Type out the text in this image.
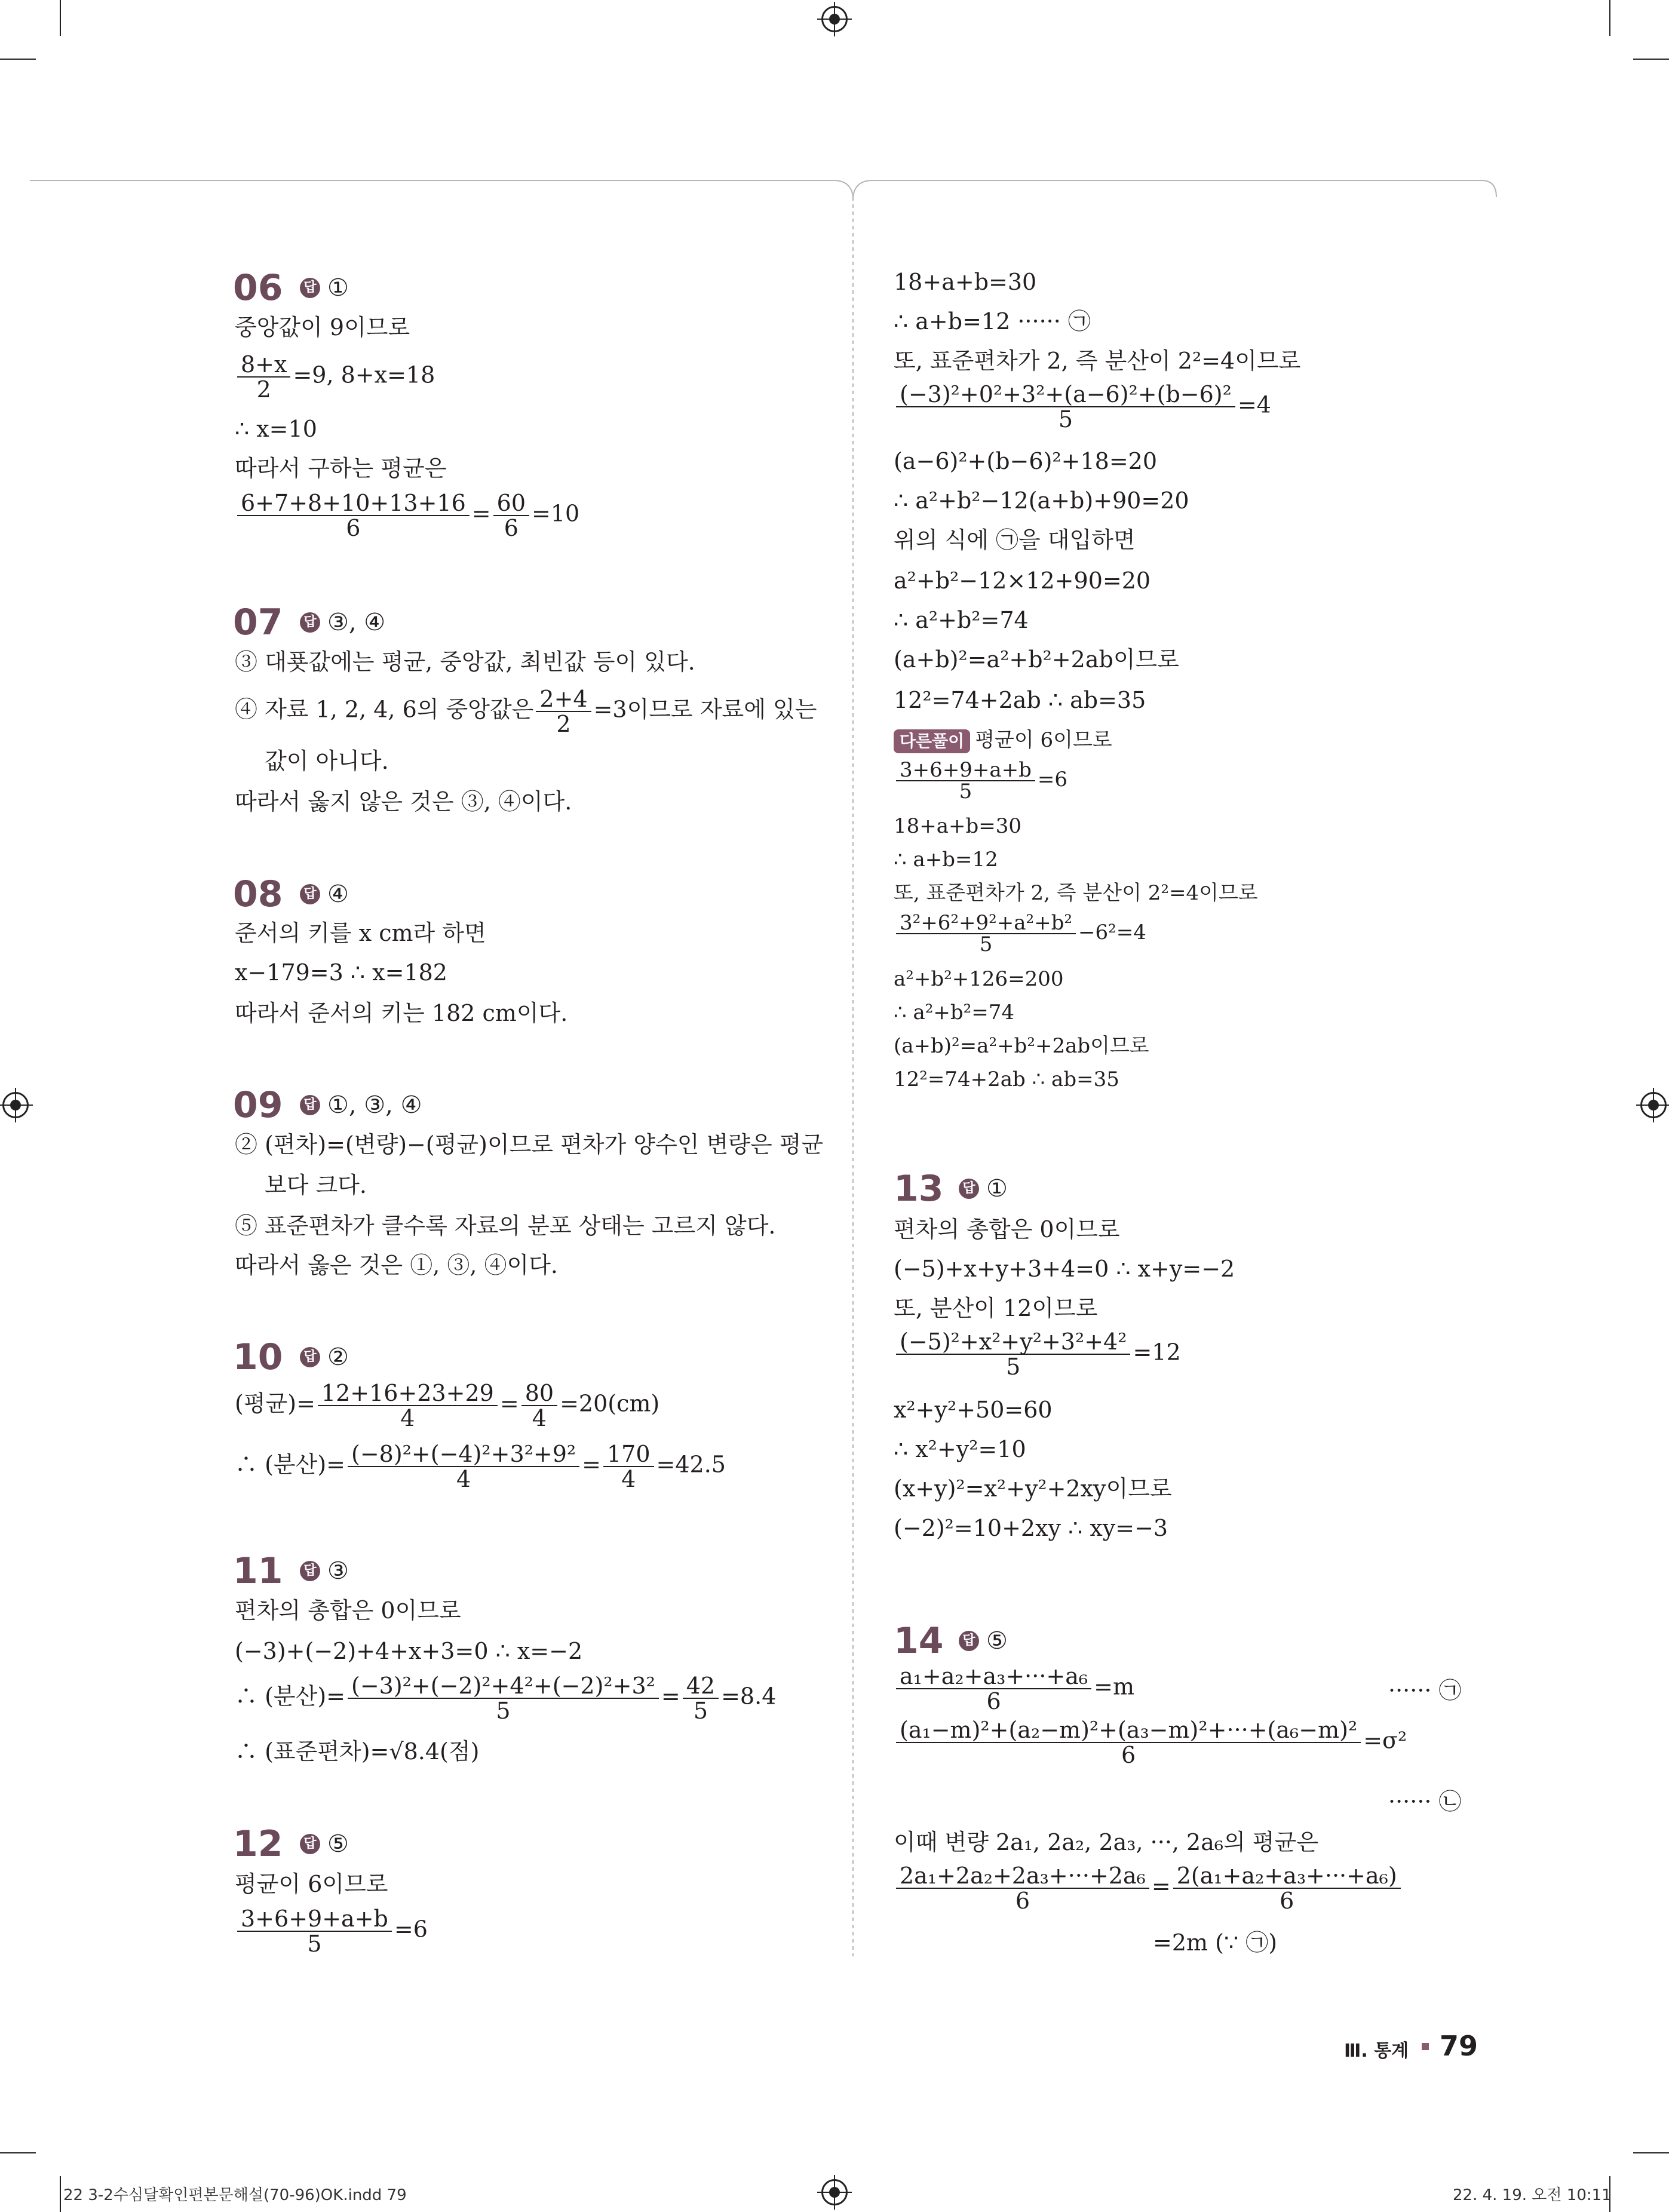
06 답 ①
중앙값이 9이므로
$\frac{8+x}{2} =9$, 8+x=18
∴ x=10
따라서 구하는 평균은
$\frac{6+7+8+10+13+16}{6} = \frac{60}{6} =10$
07 답 ③, ④
③ 대푯값에는 평균, 중앙값, 최빈값 등이 있다.
④ 자료 1, 2, 4, 6의 중앙값은 $\frac{2+4}{2} =3$이므로 자료에 있는
값이 아니다.
따라서 옳지 않은 것은 ③, ④이다.
08 답 ④
준서의 키를 x cm라 하면
x−179=3 ∴ x=182
따라서 준서의 키는 182 cm이다.
09 답 ①, ③, ④
② (편차)=(변량)−(평균)이므로 편차가 양수인 변량은 평균
보다 크다.
⑤ 표준편차가 클수록 자료의 분포 상태는 고르지 않다.
따라서 옳은 것은 ①, ③, ④이다.
10 답 ②
(평균)= $\frac{12+16+23+29}{4} = \frac{80}{4} =20(cm)$
∴ (분산)= $\frac{\text{(−8)²+(−4)²+3²+9²}}{4} = \frac{170}{4} =42.5$
11 답 ③
편차의 총합은 0이므로
(−3)+(−2)+4+x+3=0 ∴ x=−2
∴ (분산)= $\frac{\text{(−3)²+(−2)²+4²+(−2)²+3²}}{5} = \frac{42}{5} =8.4$
∴ (표준편차)=√8.4(점)
12 답 ⑤
평균이 6이므로
$\frac{3+6+9+a+b}{5} =6$
18+a+b=30
∴ a+b=12 ······ ㉠
또, 표준편차가 2, 즉 분산이 2²=4이므로
$\frac{\text{(−3)²+0²+3²+(a−6)²+(b−6)²}}{5} =4$
(a−6)²+(b−6)²+18=20
∴ a²+b²−12(a+b)+90=20
위의 식에 ㉠을 대입하면
a²+b²−12×12+90=20
∴ a²+b²=74
(a+b)²=a²+b²+2ab이므로
12²=74+2ab ∴ ab=35
다른풀이 평균이 6이므로
$\frac{3+6+9+a+b}{5} =6$
18+a+b=30
∴ a+b=12
또, 표준편차가 2, 즉 분산이 2²=4이므로
$\frac{\text{3²+6²+9²+a²+b²}}{5} -6^2=4$
a²+b²+126=200
∴ a²+b²=74
(a+b)²=a²+b²+2ab이므로
12²=74+2ab ∴ ab=35
13 답 ①
편차의 총합은 0이므로
(−5)+x+y+3+4=0 ∴ x+y=−2
또, 분산이 12이므로
$\frac{\text{(−5)²+x²+y²+3²+4²}}{5} =12$
x²+y²+50=60
∴ x²+y²=10
(x+y)²=x²+y²+2xy이므로
(−2)²=10+2xy ∴ xy=−3
14 답 ⑤
$\frac{\text{a₁+a₂+a₃+···+a₆}}{6} =m$	······ ㉠
$\frac{\text{(a₁−m)²+(a₂−m)²+(a₃−m)²+···+(a₆−m)²}}{6} =\sigma^2$
······ ㉡
이때 변량 2a₁, 2a₂, 2a₃, ···, 2a₆의 평균은
$\frac{\text{2a₁+2a₂+2a₃+···+2a₆}}{6} = \frac{\text{2(a₁+a₂+a₃+···+a₆)}}{6}$
=2m (∵ ㉠)
Ⅲ. 통계 79
22 3-2수심달확인편본문해설(70-96)OK.indd 79	22. 4. 19. 오전 10:11
